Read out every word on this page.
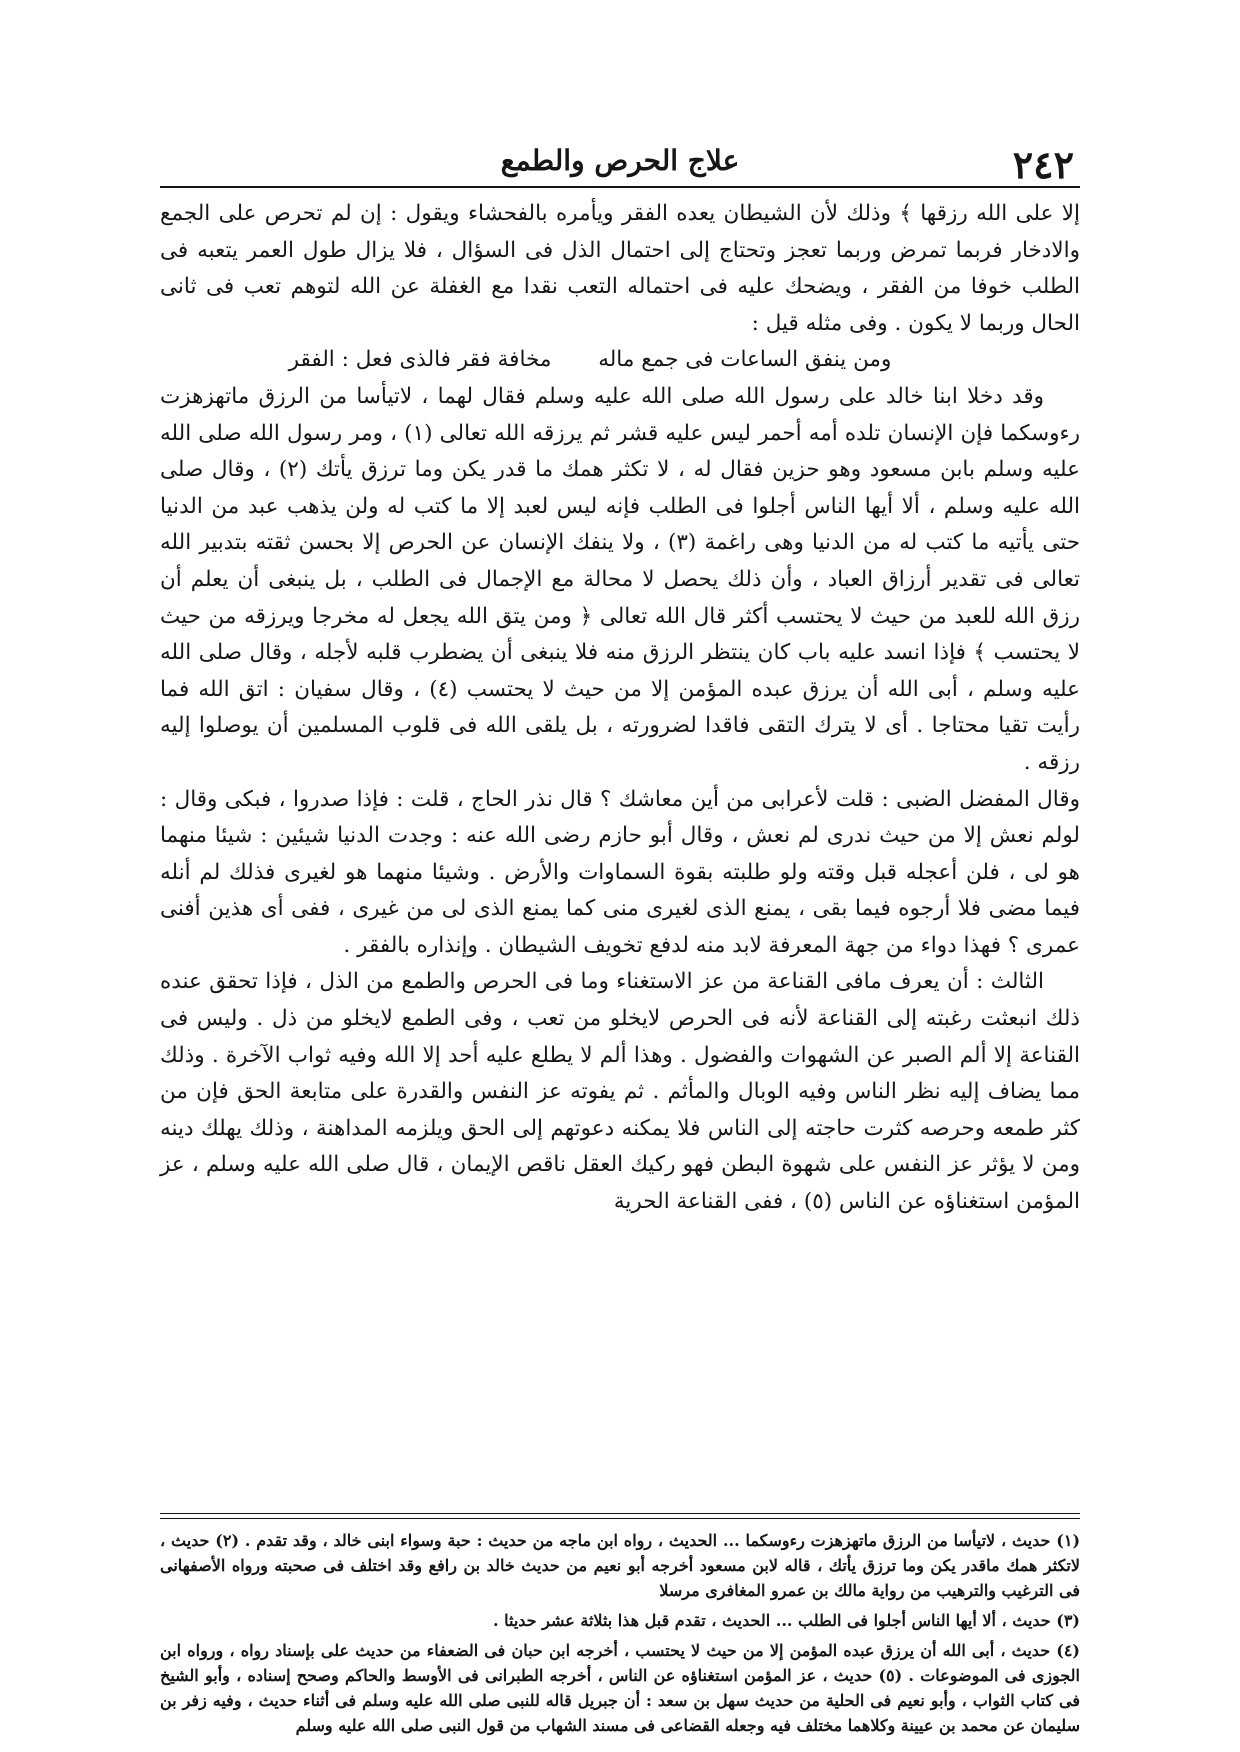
٢٤٢
علاج الحرص والطمع

إلا على الله رزقها ﴾ وذلك لأن الشيطان يعده الفقر ويأمره بالفحشاء ويقول : إن لم تحرص على الجمع والادخار فربما تمرض وربما تعجز وتحتاج إلى احتمال الذل فى السؤال ، فلا يزال طول العمر يتعبه فى الطلب خوفا من الفقر ، ويضحك عليه فى احتماله التعب نقدا مع الغفلة عن الله لتوهم تعب فى ثانى الحال وربما لا يكون . وفى مثله قيل :

ومن ينفق الساعات فى جمع ماله مخافة فقر فالذى فعل : الفقر

وقد دخلا ابنا خالد على رسول الله صلى الله عليه وسلم فقال لهما ، لاتيأسا من الرزق ماتهزهزت رءوسكما فإن الإنسان تلده أمه أحمر ليس عليه قشر ثم يرزقه الله تعالى (١) ، ومر رسول الله صلى الله عليه وسلم بابن مسعود وهو حزين فقال له ، لا تكثر همك ما قدر يكن وما ترزق يأتك (٢) ، وقال صلى الله عليه وسلم ، ألا أيها الناس أجلوا فى الطلب فإنه ليس لعبد إلا ما كتب له ولن يذهب عبد من الدنيا حتى يأتيه ما كتب له من الدنيا وهى راغمة (٣) ، ولا ينفك الإنسان عن الحرص إلا بحسن ثقته بتدبير الله تعالى فى تقدير أرزاق العباد ، وأن ذلك يحصل لا محالة مع الإجمال فى الطلب ، بل ينبغى أن يعلم أن رزق الله للعبد من حيث لا يحتسب أكثر قال الله تعالى ﴿ ومن يتق الله يجعل له مخرجا ويرزقه من حيث لا يحتسب ﴾ فإذا انسد عليه باب كان ينتظر الرزق منه فلا ينبغى أن يضطرب قلبه لأجله ، وقال صلى الله عليه وسلم ، أبى الله أن يرزق عبده المؤمن إلا من حيث لا يحتسب (٤) ، وقال سفيان : اتق الله فما رأيت تقيا محتاجا . أى لا يترك التقى فاقدا لضرورته ، بل يلقى الله فى قلوب المسلمين أن يوصلوا إليه رزقه .

وقال المفضل الضبى : قلت لأعرابى من أين معاشك ؟ قال نذر الحاج ، قلت : فإذا صدروا ، فبكى وقال : لولم نعش إلا من حيث ندرى لم نعش ، وقال أبو حازم رضى الله عنه : وجدت الدنيا شيئين : شيئا منهما هو لى ، فلن أعجله قبل وقته ولو طلبته بقوة السماوات والأرض . وشيئا منهما هو لغيرى فذلك لم أنله فيما مضى فلا أرجوه فيما بقى ، يمنع الذى لغيرى منى كما يمنع الذى لى من غيرى ، ففى أى هذين أفنى عمرى ؟ فهذا دواء من جهة المعرفة لابد منه لدفع تخويف الشيطان . وإنذاره بالفقر .

الثالث : أن يعرف مافى القناعة من عز الاستغناء وما فى الحرص والطمع من الذل ، فإذا تحقق عنده ذلك انبعثت رغبته إلى القناعة لأنه فى الحرص لايخلو من تعب ، وفى الطمع لايخلو من ذل . وليس فى القناعة إلا ألم الصبر عن الشهوات والفضول . وهذا ألم لا يطلع عليه أحد إلا الله وفيه ثواب الآخرة . وذلك مما يضاف إليه نظر الناس وفيه الوبال والمأثم . ثم يفوته عز النفس والقدرة على متابعة الحق فإن من كثر طمعه وحرصه كثرت حاجته إلى الناس فلا يمكنه دعوتهم إلى الحق ويلزمه المداهنة ، وذلك يهلك دينه ومن لا يؤثر عز النفس على شهوة البطن فهو ركيك العقل ناقص الإيمان ، قال صلى الله عليه وسلم ، عز المؤمن استغناؤه عن الناس (٥) ، ففى القناعة الحرية

(١) حديث ، لاتيأسا من الرزق ماتهزهزت رءوسكما ... الحديث ، رواه ابن ماجه من حديث : حبة وسواء ابنى خالد ، وقد تقدم . (٢) حديث ، لاتكثر همك ماقدر يكن وما ترزق يأتك ، قاله لابن مسعود أخرجه أبو نعيم من حديث خالد بن رافع وقد اختلف فى صحبته ورواه الأصفهانى فى الترغيب والترهيب من رواية مالك بن عمرو المغافرى مرسلا

(٣) حديث ، ألا أيها الناس أجلوا فى الطلب ... الحديث ، تقدم قبل هذا بثلاثة عشر حديثا .

(٤) حديث ، أبى الله أن يرزق عبده المؤمن إلا من حيث لا يحتسب ، أخرجه ابن حبان فى الضعفاء من حديث على بإسناد رواه ، ورواه ابن الجوزى فى الموضوعات . (٥) حديث ، عز المؤمن استغناؤه عن الناس ، أخرجه الطبرانى فى الأوسط والحاكم وصحح إسناده ، وأبو الشيخ فى كتاب الثواب ، وأبو نعيم فى الحلية من حديث سهل بن سعد : أن جبريل قاله للنبى صلى الله عليه وسلم فى أثناء حديث ، وفيه زفر بن سليمان عن محمد بن عيينة وكلاهما مختلف فيه وجعله القضاعى فى مسند الشهاب من قول النبى صلى الله عليه وسلم
